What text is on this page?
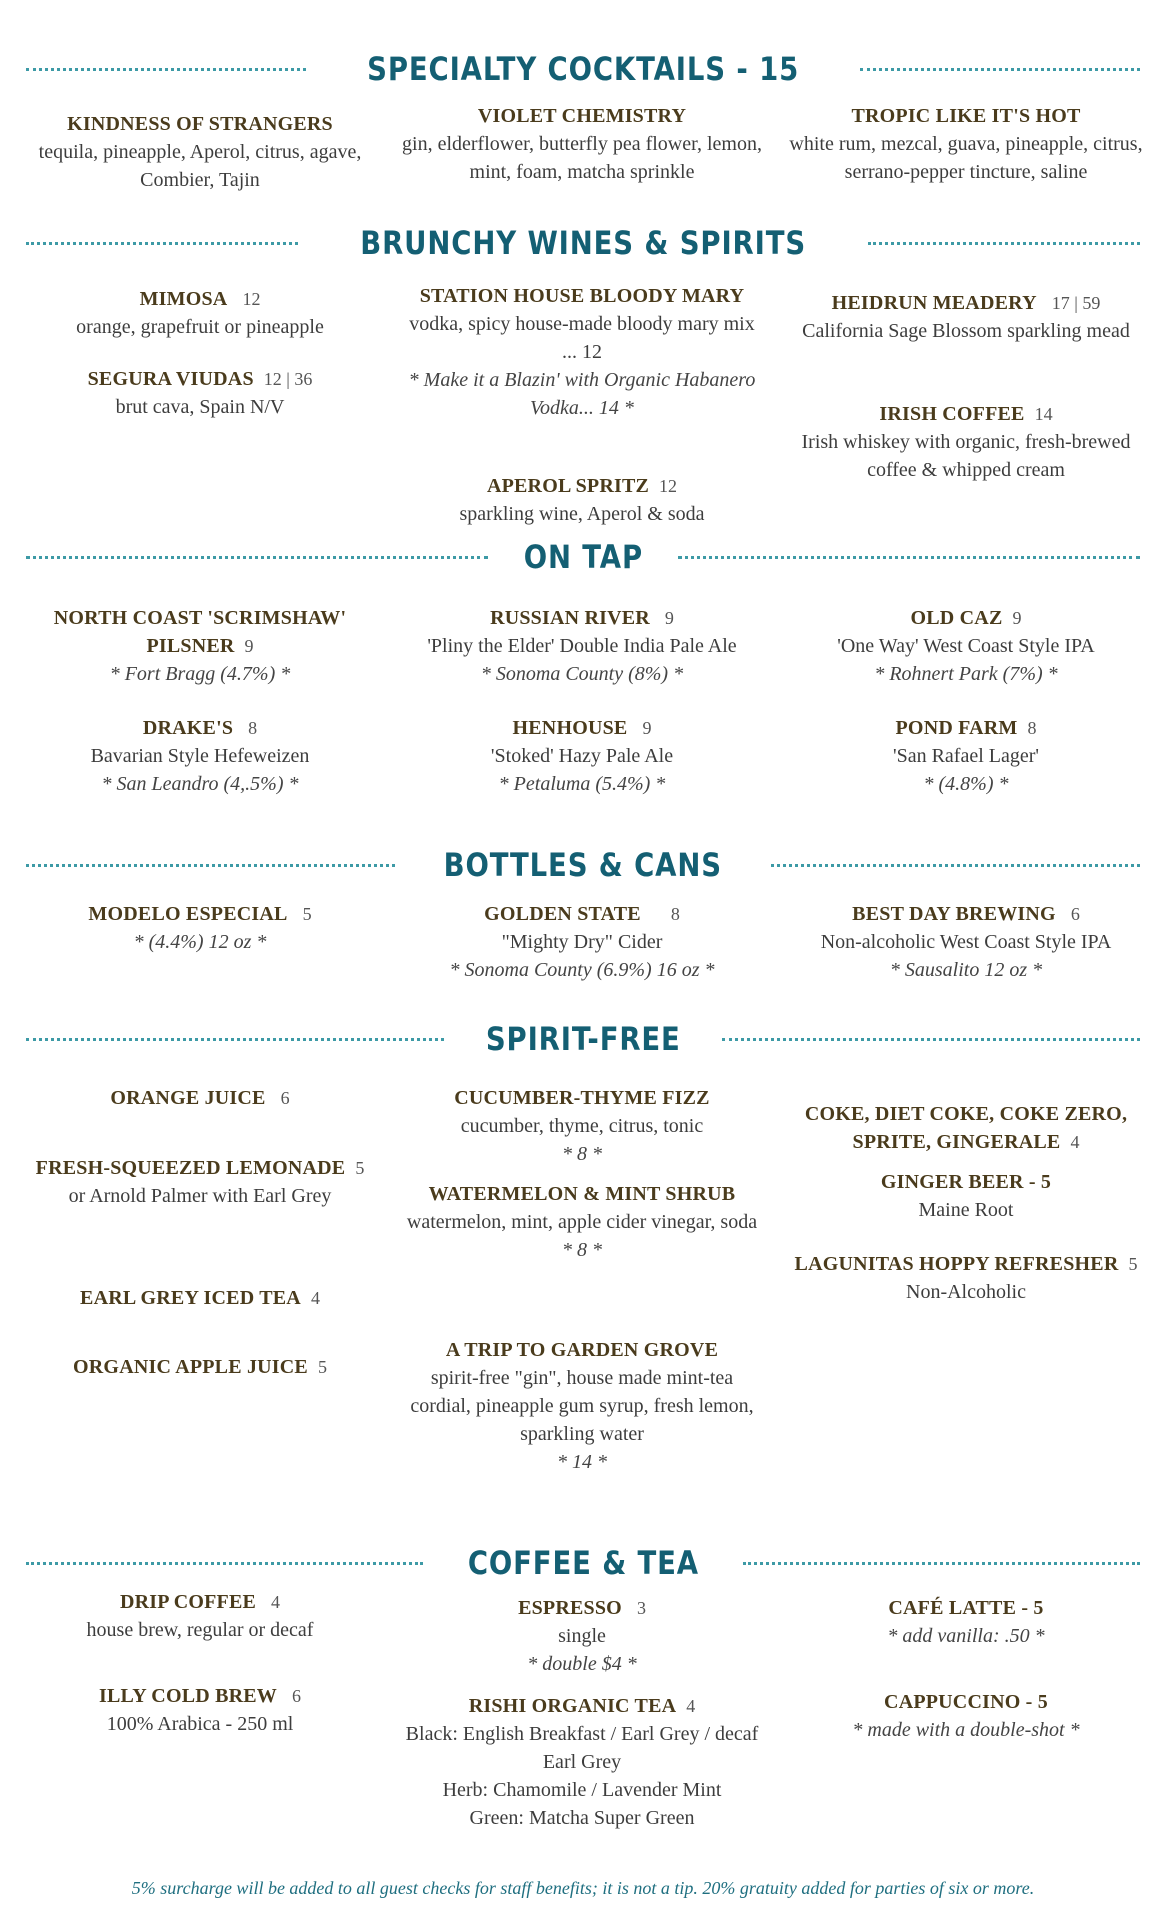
SPECIALTY COCKTAILS - 15
KINDNESS OF STRANGERS
tequila, pineapple, Aperol, citrus, agave, Combier, Tajin
VIOLET CHEMISTRY
gin, elderflower, butterfly pea flower, lemon, mint, foam, matcha sprinkle
TROPIC LIKE IT'S HOT
white rum, mezcal, guava, pineapple, citrus, serrano-pepper tincture, saline
BRUNCHY WINES & SPIRITS
MIMOSA 12
orange, grapefruit or pineapple
SEGURA VIUDAS 12 | 36
brut cava, Spain N/V
STATION HOUSE BLOODY MARY
vodka, spicy house-made bloody mary mix ... 12
* Make it a Blazin' with Organic Habanero Vodka... 14 *
APEROL SPRITZ 12
sparkling wine, Aperol & soda
HEIDRUN MEADERY 17 | 59
California Sage Blossom sparkling mead
IRISH COFFEE 14
Irish whiskey with organic, fresh-brewed coffee & whipped cream
ON TAP
NORTH COAST 'SCRIMSHAW' PILSNER 9
* Fort Bragg (4.7%) *
DRAKE'S 8
Bavarian Style Hefeweizen
* San Leandro (4,.5%) *
RUSSIAN RIVER 9
'Pliny the Elder' Double India Pale Ale
* Sonoma County (8%) *
HENHOUSE 9
'Stoked' Hazy Pale Ale
* Petaluma (5.4%) *
OLD CAZ 9
'One Way' West Coast Style IPA
* Rohnert Park (7%) *
POND FARM 8
'San Rafael Lager'
* (4.8%) *
BOTTLES & CANS
MODELO ESPECIAL 5
* (4.4%) 12 oz *
GOLDEN STATE 8
"Mighty Dry" Cider
* Sonoma County (6.9%) 16 oz *
BEST DAY BREWING 6
Non-alcoholic West Coast Style IPA
* Sausalito 12 oz *
SPIRIT-FREE
ORANGE JUICE 6
FRESH-SQUEEZED LEMONADE 5
or Arnold Palmer with Earl Grey
EARL GREY ICED TEA 4
ORGANIC APPLE JUICE 5
CUCUMBER-THYME FIZZ
cucumber, thyme, citrus, tonic
* 8 *
WATERMELON & MINT SHRUB
watermelon, mint, apple cider vinegar, soda
* 8 *
A TRIP TO GARDEN GROVE
spirit-free "gin", house made mint-tea cordial, pineapple gum syrup, fresh lemon, sparkling water
* 14 *
COKE, DIET COKE, COKE ZERO, SPRITE, GINGERALE 4
GINGER BEER - 5
Maine Root
LAGUNITAS HOPPY REFRESHER 5
Non-Alcoholic
COFFEE & TEA
DRIP COFFEE 4
house brew, regular or decaf
ILLY COLD BREW 6
100% Arabica - 250 ml
ESPRESSO 3
single
* double $4 *
RISHI ORGANIC TEA 4
Black: English Breakfast / Earl Grey / decaf Earl Grey
Herb: Chamomile / Lavender Mint
Green: Matcha Super Green
CAFÉ LATTE - 5
* add vanilla: .50 *
CAPPUCCINO - 5
* made with a double-shot *
5% surcharge will be added to all guest checks for staff benefits; it is not a tip. 20% gratuity added for parties of six or more.
